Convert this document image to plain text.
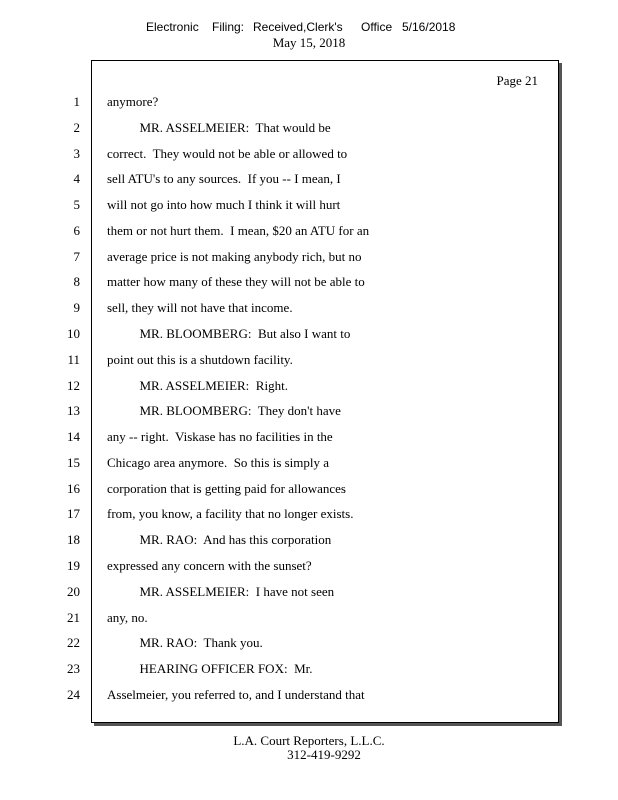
Electronic Filing: Received,Clerk's Office 5/16/2018
May 15, 2018
Page 21
1 anymore?
2 MR. ASSELMEIER:  That would be
3 correct.  They would not be able or allowed to
4 sell ATU's to any sources.  If you -- I mean, I
5 will not go into how much I think it will hurt
6 them or not hurt them.  I mean, $20 an ATU for an
7 average price is not making anybody rich, but no
8 matter how many of these they will not be able to
9 sell, they will not have that income.
10 MR. BLOOMBERG:  But also I want to
11 point out this is a shutdown facility.
12 MR. ASSELMEIER:  Right.
13 MR. BLOOMBERG:  They don't have
14 any -- right.  Viskase has no facilities in the
15 Chicago area anymore.  So this is simply a
16 corporation that is getting paid for allowances
17 from, you know, a facility that no longer exists.
18 MR. RAO:  And has this corporation
19 expressed any concern with the sunset?
20 MR. ASSELMEIER:  I have not seen
21 any, no.
22 MR. RAO:  Thank you.
23 HEARING OFFICER FOX:  Mr.
24 Asselmeier, you referred to, and I understand that
L.A. Court Reporters, L.L.C.
312-419-9292
